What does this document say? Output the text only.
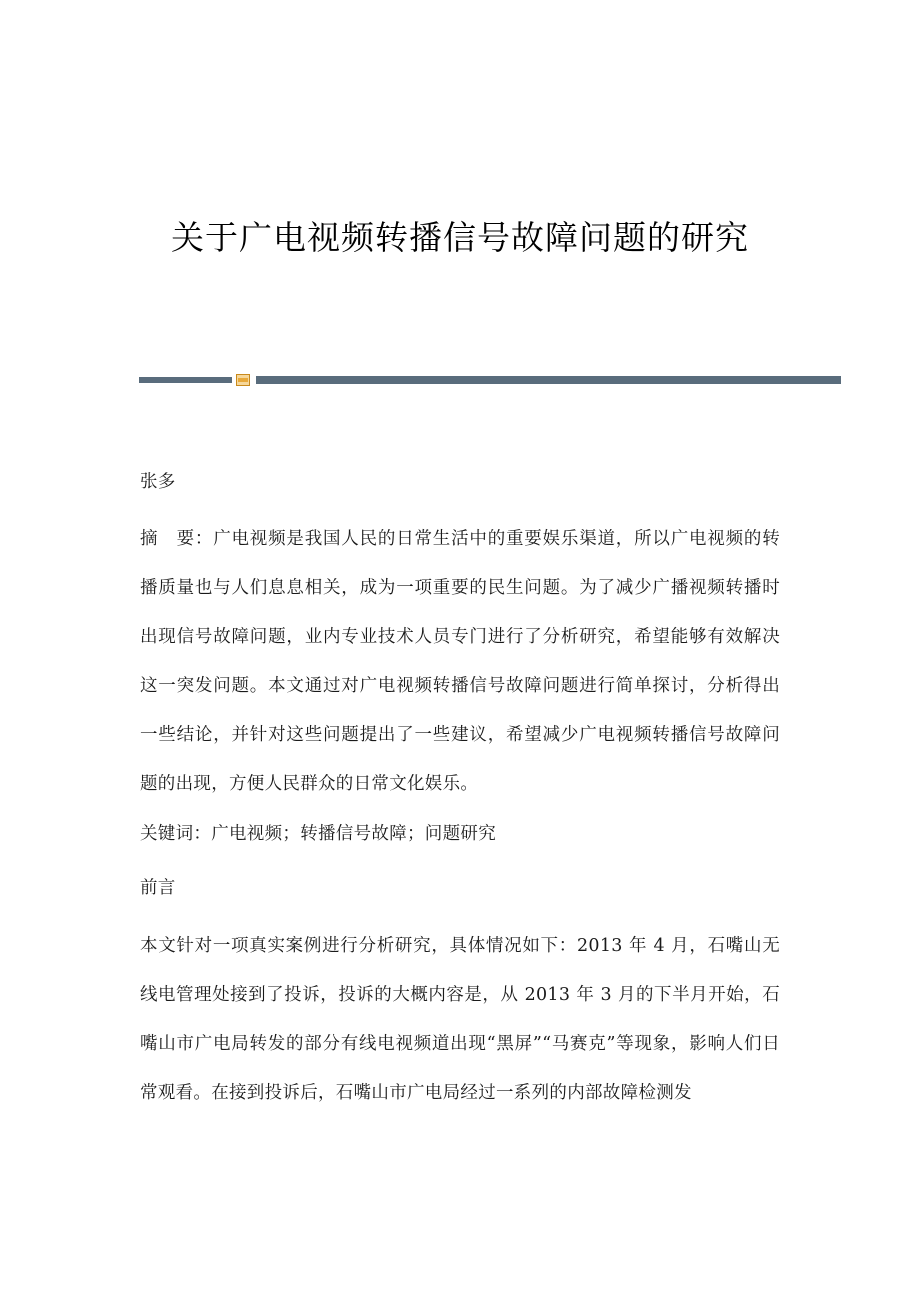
关于广电视频转播信号故障问题的研究

张多

摘　要：广电视频是我国人民的日常生活中的重要娱乐渠道，所以广电视频的转播质量也与人们息息相关，成为一项重要的民生问题。为了减少广播视频转播时出现信号故障问题，业内专业技术人员专门进行了分析研究，希望能够有效解决这一突发问题。本文通过对广电视频转播信号故障问题进行简单探讨，分析得出一些结论，并针对这些问题提出了一些建议，希望减少广电视频转播信号故障问题的出现，方便人民群众的日常文化娱乐。

关键词：广电视频；转播信号故障；问题研究

前言

本文针对一项真实案例进行分析研究，具体情况如下：2013 年 4 月，石嘴山无线电管理处接到了投诉，投诉的大概内容是，从 2013 年 3 月的下半月开始，石嘴山市广电局转发的部分有线电视频道出现“黑屏”“马赛克”等现象，影响人们日常观看。在接到投诉后，石嘴山市广电局经过一系列的内部故障检测发
